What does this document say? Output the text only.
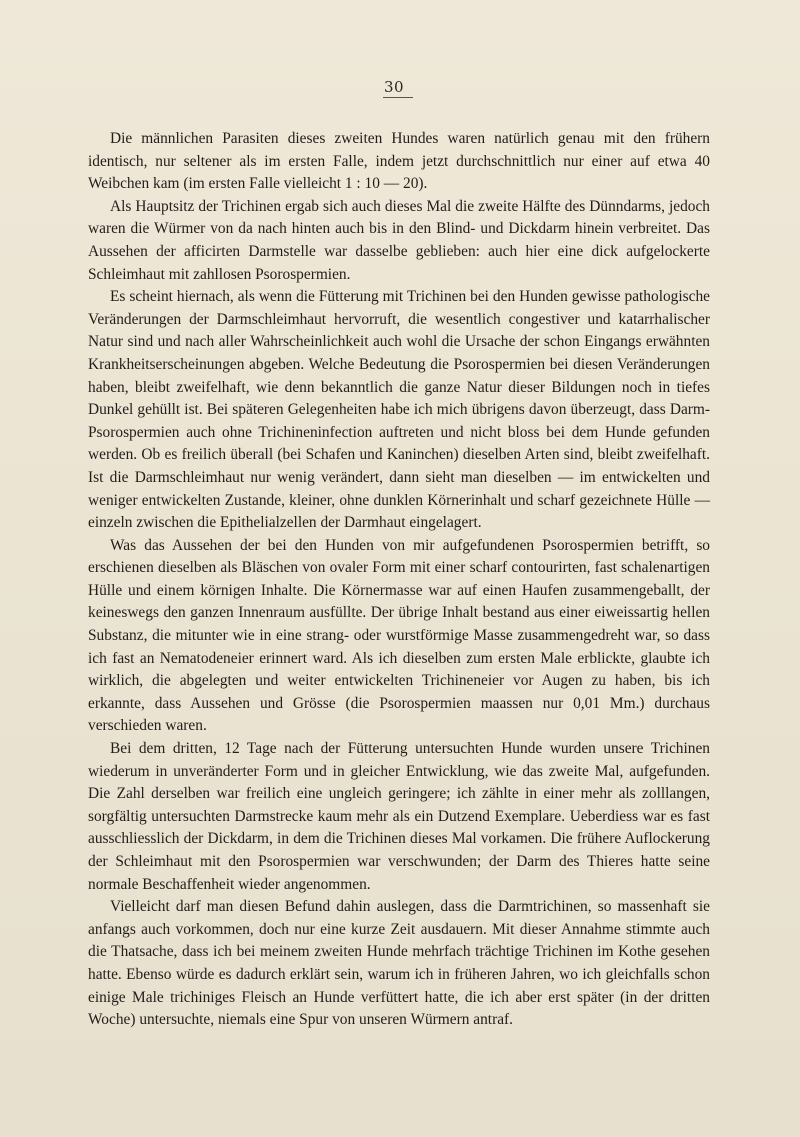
30

Die männlichen Parasiten dieses zweiten Hundes waren natürlich genau mit den frühern identisch, nur seltener als im ersten Falle, indem jetzt durchschnittlich nur einer auf etwa 40 Weibchen kam (im ersten Falle vielleicht 1 : 10 — 20).

Als Hauptsitz der Trichinen ergab sich auch dieses Mal die zweite Hälfte des Dünndarms, jedoch waren die Würmer von da nach hinten auch bis in den Blind- und Dickdarm hinein verbreitet. Das Aussehen der afficirten Darmstelle war dasselbe geblieben: auch hier eine dick aufgelockerte Schleimhaut mit zahllosen Psorospermien.

Es scheint hiernach, als wenn die Fütterung mit Trichinen bei den Hunden gewisse pathologische Veränderungen der Darmschleimhaut hervorruft, die wesentlich congestiver und katarrhalischer Natur sind und nach aller Wahrscheinlichkeit auch wohl die Ursache der schon Eingangs erwähnten Krankheitserscheinungen abgeben. Welche Bedeutung die Psorospermien bei diesen Veränderungen haben, bleibt zweifelhaft, wie denn bekanntlich die ganze Natur dieser Bildungen noch in tiefes Dunkel gehüllt ist. Bei späteren Gelegenheiten habe ich mich übrigens davon überzeugt, dass Darm-Psorospermien auch ohne Trichineninfection auftreten und nicht bloss bei dem Hunde gefunden werden. Ob es freilich überall (bei Schafen und Kaninchen) dieselben Arten sind, bleibt zweifelhaft. Ist die Darmschleimhaut nur wenig verändert, dann sieht man dieselben — im entwickelten und weniger entwickelten Zustande, kleiner, ohne dunklen Körnerinhalt und scharf gezeichnete Hülle — einzeln zwischen die Epithelialzellen der Darmhaut eingelagert.

Was das Aussehen der bei den Hunden von mir aufgefundenen Psorospermien betrifft, so erschienen dieselben als Bläschen von ovaler Form mit einer scharf contourirten, fast schalenartigen Hülle und einem körnigen Inhalte. Die Körnermasse war auf einen Haufen zusammengeballt, der keineswegs den ganzen Innenraum ausfüllte. Der übrige Inhalt bestand aus einer eiweissartig hellen Substanz, die mitunter wie in eine strang- oder wurstförmige Masse zusammengedreht war, so dass ich fast an Nematodeneier erinnert ward. Als ich dieselben zum ersten Male erblickte, glaubte ich wirklich, die abgelegten und weiter entwickelten Trichineneier vor Augen zu haben, bis ich erkannte, dass Aussehen und Grösse (die Psorospermien maassen nur 0,01 Mm.) durchaus verschieden waren.

Bei dem dritten, 12 Tage nach der Fütterung untersuchten Hunde wurden unsere Trichinen wiederum in unveränderter Form und in gleicher Entwicklung, wie das zweite Mal, aufgefunden. Die Zahl derselben war freilich eine ungleich geringere; ich zählte in einer mehr als zolllangen, sorgfältig untersuchten Darmstrecke kaum mehr als ein Dutzend Exemplare. Ueberdiess war es fast ausschliesslich der Dickdarm, in dem die Trichinen dieses Mal vorkamen. Die frühere Auflockerung der Schleimhaut mit den Psorospermien war verschwunden; der Darm des Thieres hatte seine normale Beschaffenheit wieder angenommen.

Vielleicht darf man diesen Befund dahin auslegen, dass die Darmtrichinen, so massenhaft sie anfangs auch vorkommen, doch nur eine kurze Zeit ausdauern. Mit dieser Annahme stimmte auch die Thatsache, dass ich bei meinem zweiten Hunde mehrfach trächtige Trichinen im Kothe gesehen hatte. Ebenso würde es dadurch erklärt sein, warum ich in früheren Jahren, wo ich gleichfalls schon einige Male trichiniges Fleisch an Hunde verfüttert hatte, die ich aber erst später (in der dritten Woche) untersuchte, niemals eine Spur von unseren Würmern antraf.
